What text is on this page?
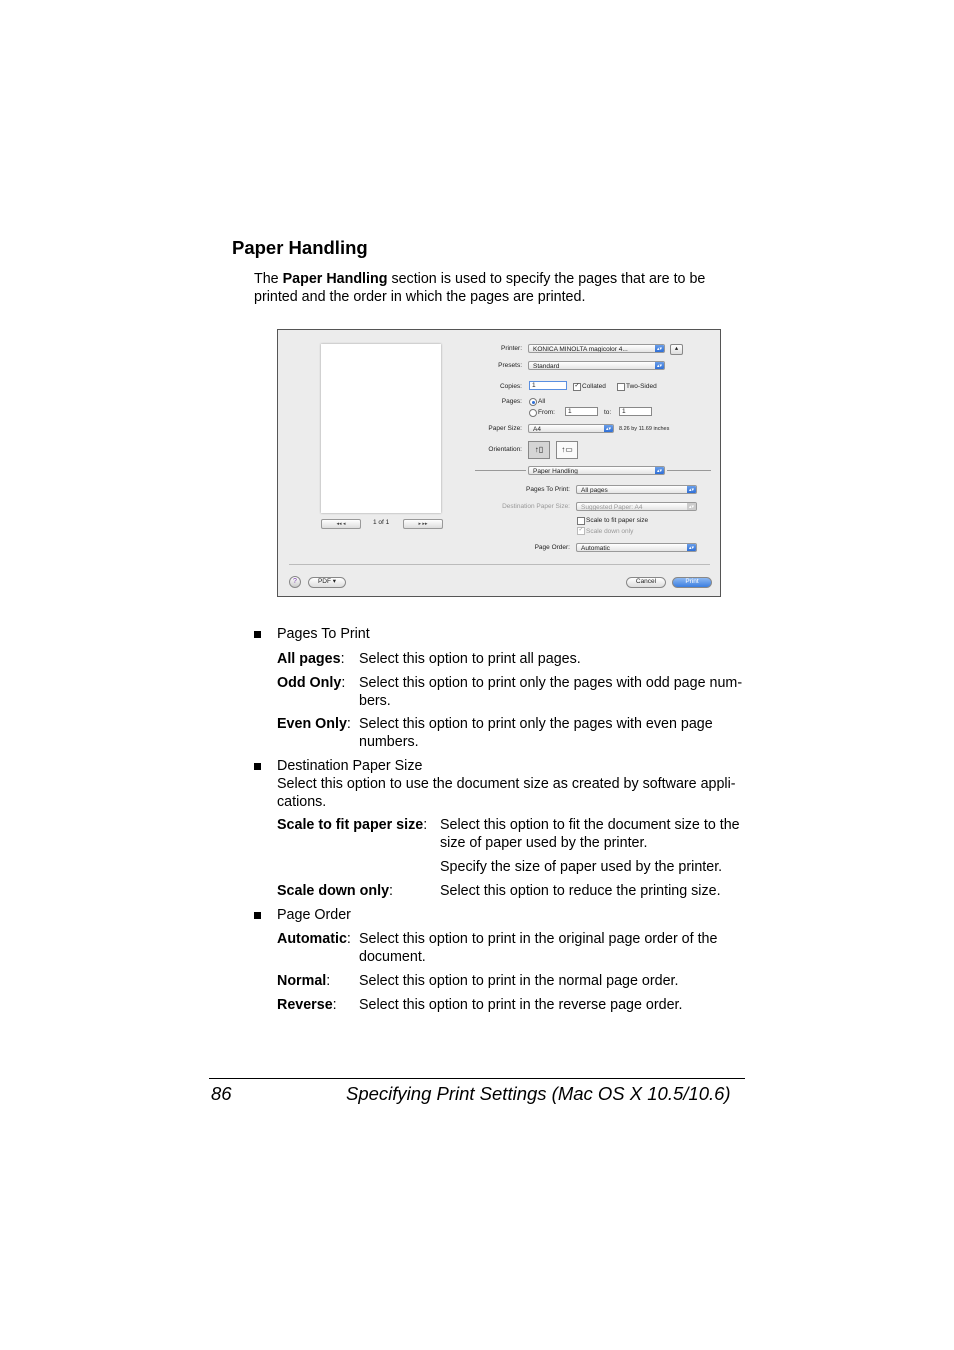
Paper Handling
The Paper Handling section is used to specify the pages that are to be
printed and the order in which the pages are printed.
◂◂ ◂	1 of 1	▸ ▸▸
Printer:	KONICA MINOLTA magicolor 4...	▴▾	▴
Presets:	Standard	▴▾
Copies:	1	✓ Collated	Two-Sided
Pages: All
From:	1	to:	1
Paper Size:	A4	▴▾	8.26 by 11.69 inches
Orientation:	↑▯	↑▭
Paper Handling	▴▾
Pages To Print:	All pages	▴▾
Destination Paper Size:	Suggested Paper: A4	▴▾
Scale to fit paper size
✓ Scale down only
Page Order:	Automatic	▴▾
?	PDF ▾	Cancel	Print
Pages To Print
All pages: Select this option to print all pages.
Odd Only: Select this option to print only the pages with odd page num-
bers.
Even Only: Select this option to print only the pages with even page
numbers.
Destination Paper Size
Select this option to use the document size as created by software appli-
cations.
Scale to fit paper size: Select this option to fit the document size to the
size of paper used by the printer.
Specify the size of paper used by the printer.
Scale down only:	Select this option to reduce the printing size.
Page Order
Automatic: Select this option to print in the original page order of the
document.
Normal: Select this option to print in the normal page order.
Reverse: Select this option to print in the reverse page order.
86	Specifying Print Settings (Mac OS X 10.5/10.6)
